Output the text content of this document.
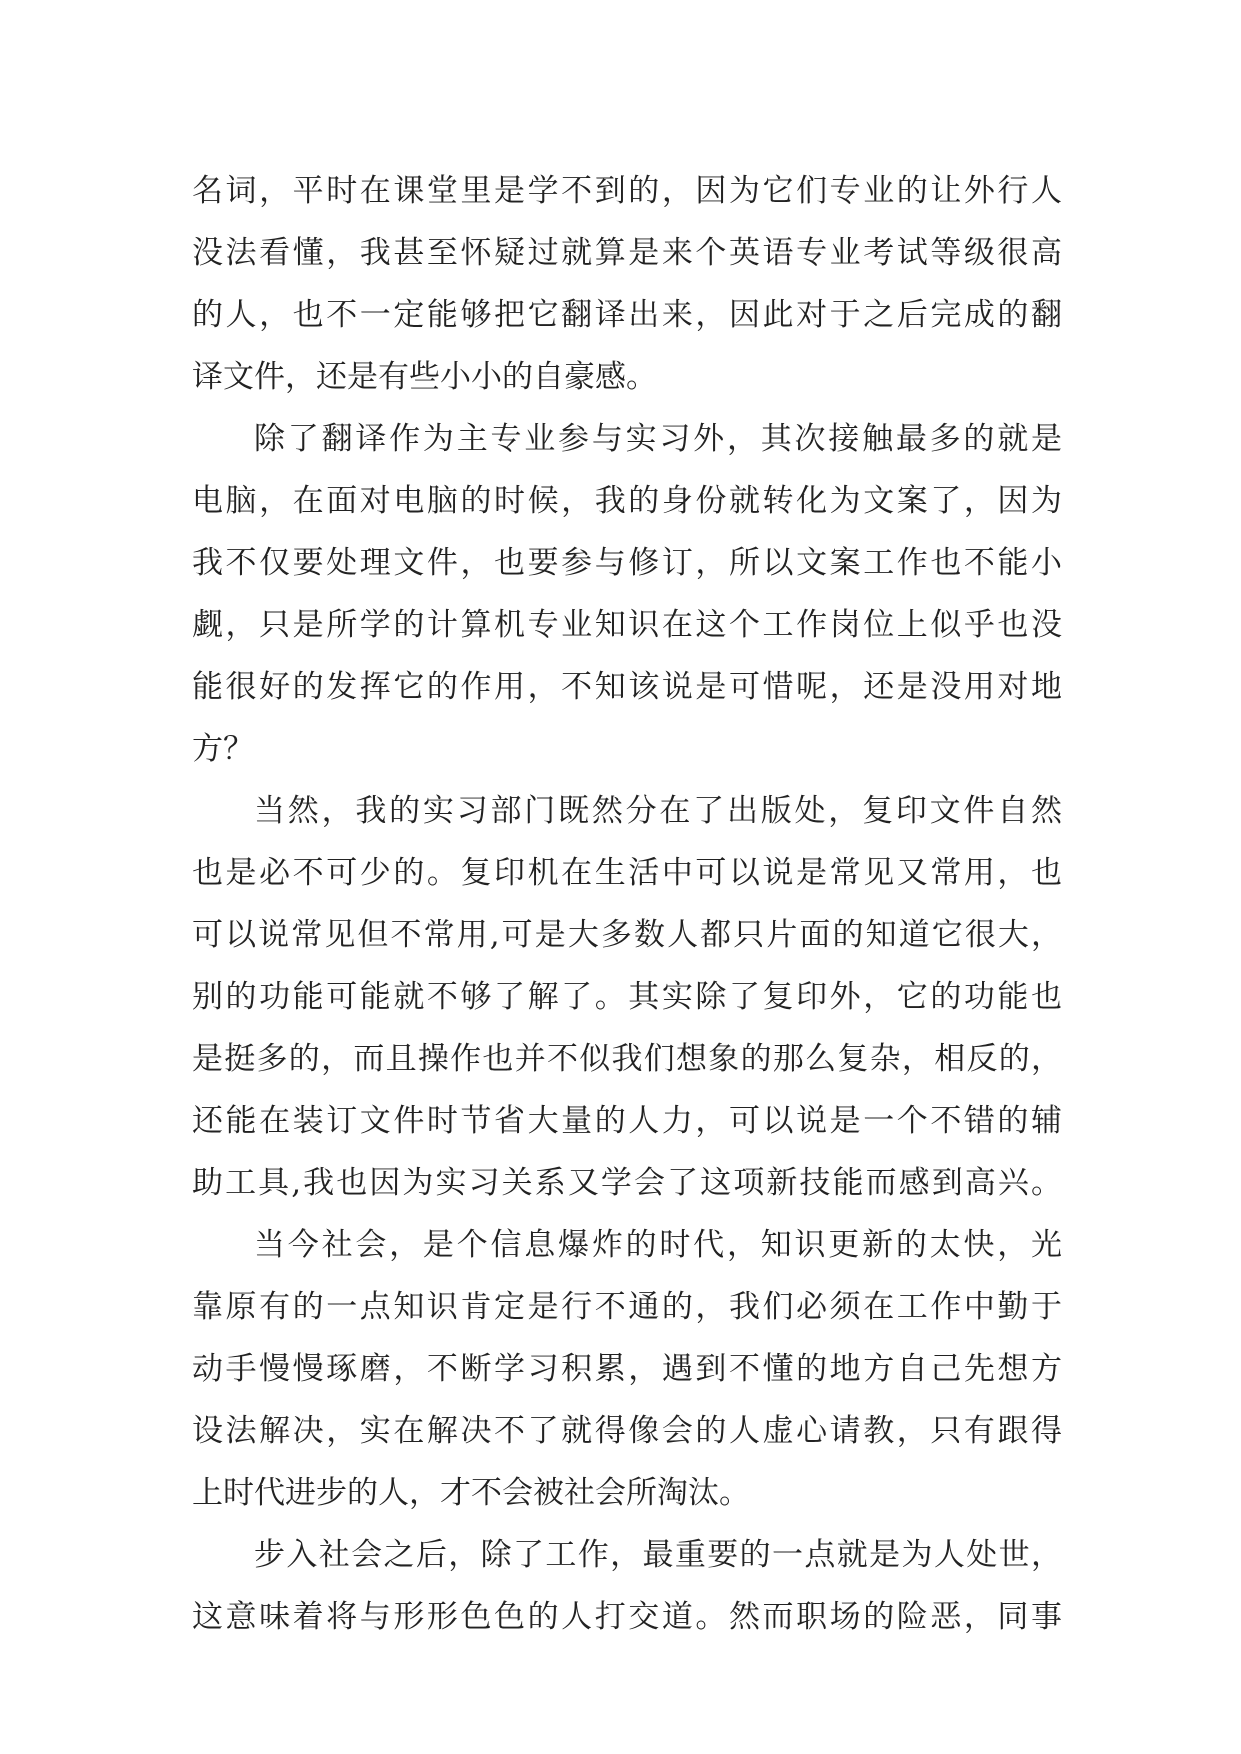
名词，平时在课堂里是学不到的，因为它们专业的让外行人
没法看懂，我甚至怀疑过就算是来个英语专业考试等级很高
的人，也不一定能够把它翻译出来，因此对于之后完成的翻
译文件，还是有些小小的自豪感。
除了翻译作为主专业参与实习外，其次接触最多的就是
电脑，在面对电脑的时候，我的身份就转化为文案了，因为
我不仅要处理文件，也要参与修订，所以文案工作也不能小
觑，只是所学的计算机专业知识在这个工作岗位上似乎也没
能很好的发挥它的作用，不知该说是可惜呢，还是没用对地
方？
当然，我的实习部门既然分在了出版处，复印文件自然
也是必不可少的。复印机在生活中可以说是常见又常用，也
可以说常见但不常用,可是大多数人都只片面的知道它很大，
别的功能可能就不够了解了。其实除了复印外，它的功能也
是挺多的，而且操作也并不似我们想象的那么复杂，相反的，
还能在装订文件时节省大量的人力，可以说是一个不错的辅
助工具,我也因为实习关系又学会了这项新技能而感到高兴。
当今社会，是个信息爆炸的时代，知识更新的太快，光
靠原有的一点知识肯定是行不通的，我们必须在工作中勤于
动手慢慢琢磨，不断学习积累，遇到不懂的地方自己先想方
设法解决，实在解决不了就得像会的人虚心请教，只有跟得
上时代进步的人，才不会被社会所淘汰。
步入社会之后，除了工作，最重要的一点就是为人处世，
这意味着将与形形色色的人打交道。然而职场的险恶，同事
